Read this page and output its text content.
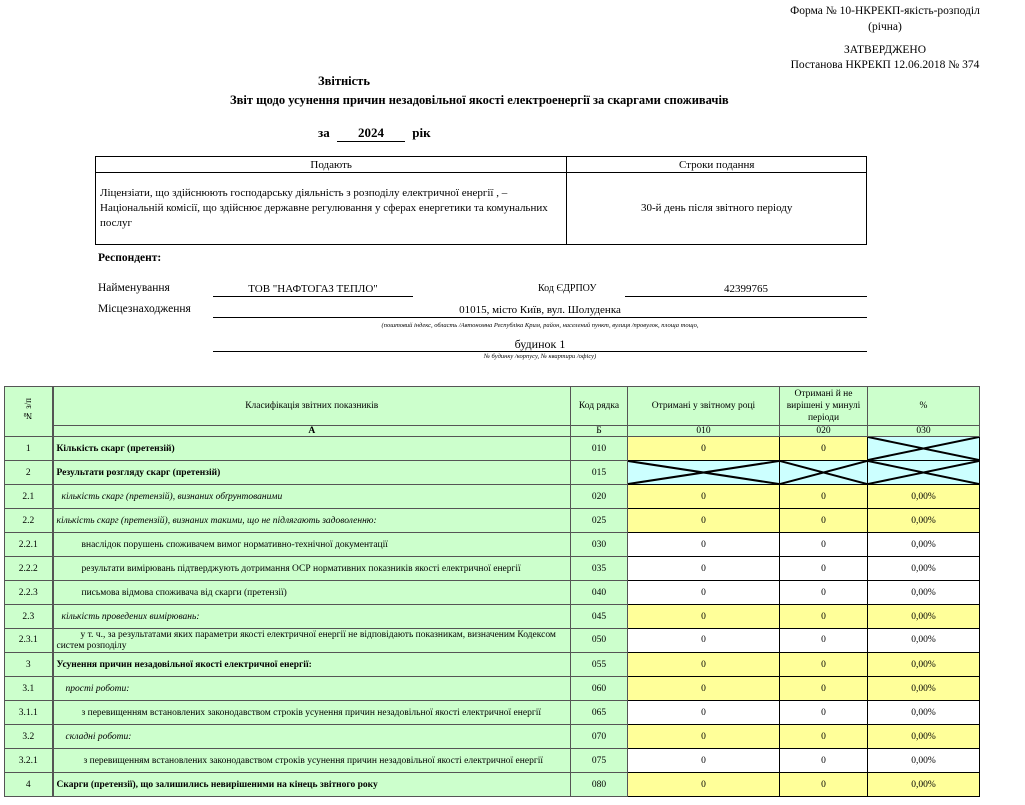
Форма № 10-НКРЕКП-якість-розподіл
(річна)
ЗАТВЕРДЖЕНО
Постанова НКРЕКП 12.06.2018 № 374
Звітність
Звіт щодо усунення причин незадовільної якості електроенергії за скаргами споживачів
за 2024 рік
Подають	Строки подання
Ліцензіати, що здійснюють господарську діяльність з розподілу електричної енергії , – Національній комісії, що здійснює державне регулювання у сферах енергетики та комунальних послуг	30-й день після звітного періоду
Респондент:
Найменування	ТОВ "НАФТОГАЗ ТЕПЛО"	Код ЄДРПОУ	42399765
Місцезнаходження	01015, місто Київ, вул. Шолуденка
(поштовий індекс, область /Автономна Республіка Крим, район, населений пункт, вулиця /провулок, площа тощо,
будинок 1
№ будинку /корпусу, № квартири /офісу)
№ з/п	Класифікація звітних показників	Код рядка	Отримані у звітному році	Отримані й не вирішені у минулі періоди	%
	А	Б	010	020	030
1	Кількість скарг (претензій)	010	0	0	

2	Результати розгляду скарг (претензій)	015	

2.1	кількість скарг (претензій), визнаних обґрунтованими	020	0	0	0,00%
2.2	кількість скарг (претензій), визнаних такими, що не підлягають задоволенню:	025	0	0	0,00%
2.2.1	внаслідок порушень споживачем вимог нормативно-технічної документації	030	0	0	0,00%
2.2.2	результати вимірювань підтверджують дотримання ОСР нормативних показників якості електричної енергії	035	0	0	0,00%
2.2.3	письмова відмова споживача від скарги (претензії)	040	0	0	0,00%
2.3	кількість проведених вимірювань:	045	0	0	0,00%
2.3.1	у т. ч., за результатами яких параметри якості електричної енергії не відповідають показникам, визначеним Кодексом систем розподілу	050	0	0	0,00%
3	Усунення причин незадовільної якості електричної енергії:	055	0	0	0,00%
3.1	прості роботи:	060	0	0	0,00%
3.1.1	з перевищенням встановлених законодавством строків усунення причин незадовільної якості електричної енергії	065	0	0	0,00%
3.2	складні роботи:	070	0	0	0,00%
3.2.1	з перевищенням встановлених законодавством строків усунення причин незадовільної якості електричної енергії	075	0	0	0,00%
4	Скарги (претензії), що залишились невирішеними на кінець звітного року	080	0	0	0,00%
